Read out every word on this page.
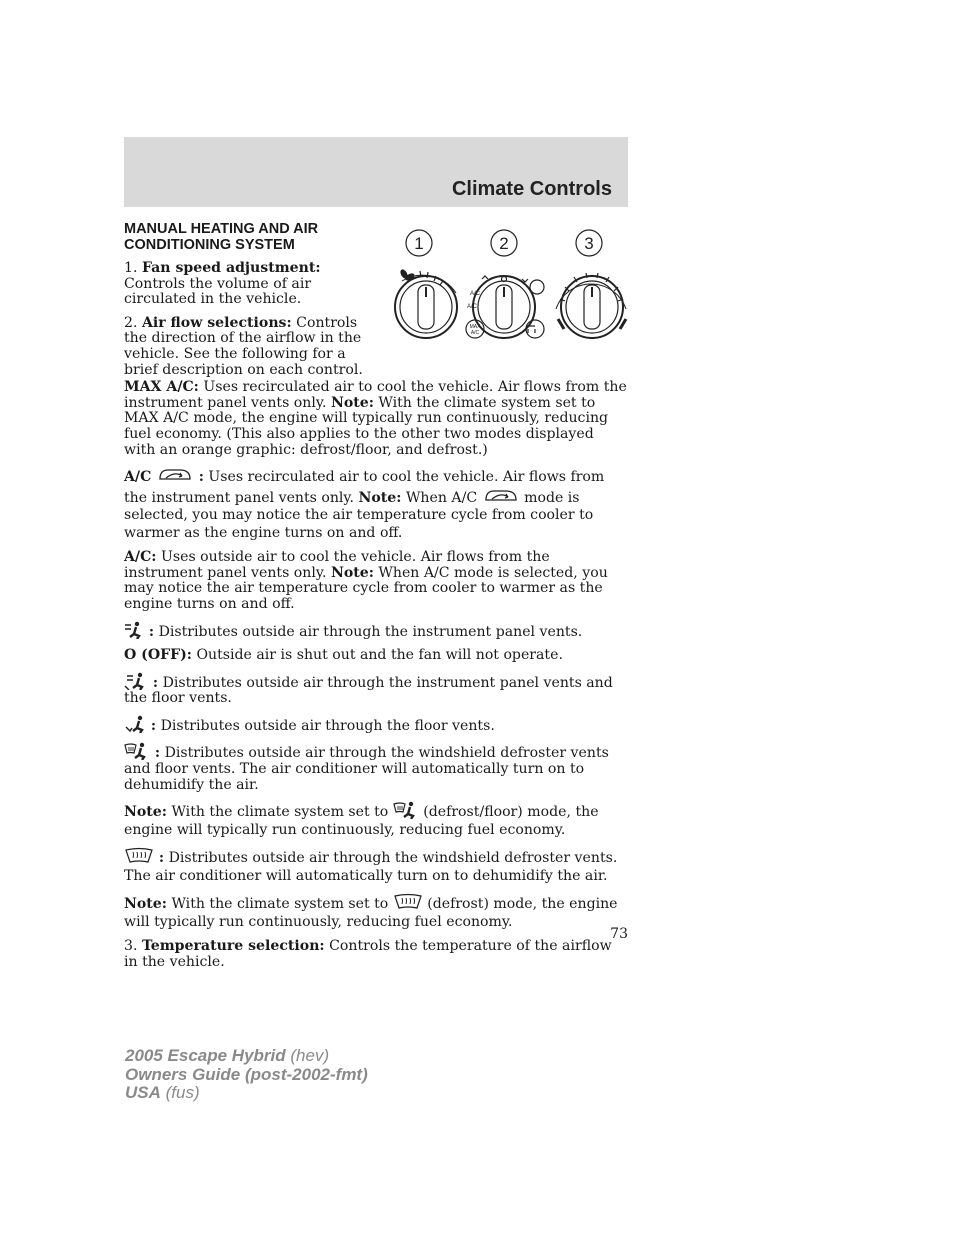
Climate Controls
1	2	3
A/C
A/C
MAX
A/C
MANUAL HEATING AND AIR CONDITIONING SYSTEM

1. Fan speed adjustment: Controls the volume of air circulated in the vehicle.

2. Air flow selections: Controls the direction of the airflow in the vehicle. See the following for a brief description on each control.

MAX A/C: Uses recirculated air to cool the vehicle. Air flows from the instrument panel vents only. Note: With the climate system set to MAX A/C mode, the engine will typically run continuously, reducing fuel economy. (This also applies to the other two modes displayed with an orange graphic: defrost/floor, and defrost.)

A/C	: Uses recirculated air to cool the vehicle. Air flows from the instrument panel vents only. Note: When A/C	mode is selected, you may notice the air temperature cycle from cooler to warmer as the engine turns on and off.

A/C: Uses outside air to cool the vehicle. Air flows from the instrument panel vents only. Note: When A/C mode is selected, you may notice the air temperature cycle from cooler to warmer as the engine turns on and off.

: Distributes outside air through the instrument panel vents.

O (OFF): Outside air is shut out and the fan will not operate.

: Distributes outside air through the instrument panel vents and the floor vents.

: Distributes outside air through the floor vents.

: Distributes outside air through the windshield defroster vents and floor vents. The air conditioner will automatically turn on to dehumidify the air.

Note: With the climate system set to  (defrost/floor) mode, the engine will typically run continuously, reducing fuel economy.

: Distributes outside air through the windshield defroster vents. The air conditioner will automatically turn on to dehumidify the air.

Note: With the climate system set to  (defrost) mode, the engine will typically run continuously, reducing fuel economy.

3. Temperature selection: Controls the temperature of the airflow in the vehicle.

73
2005 Escape Hybrid (hev)
Owners Guide (post-2002-fmt)
USA (fus)
